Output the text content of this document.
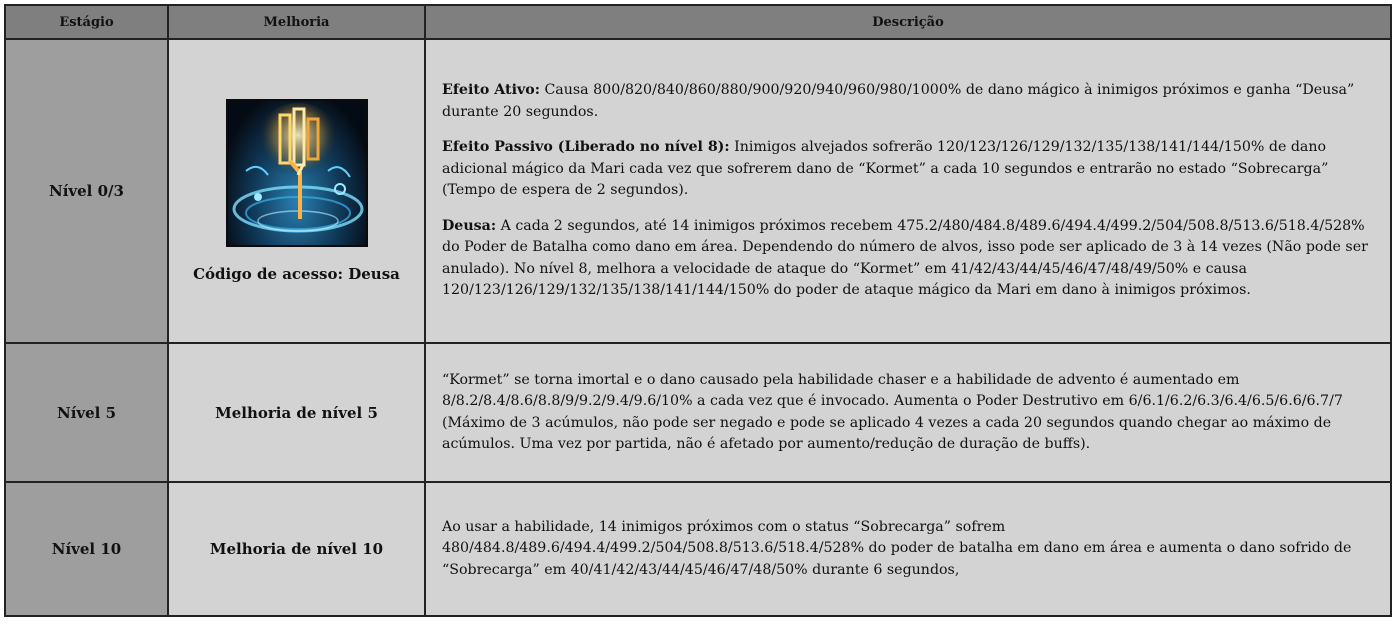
Estágio	Melhoria	Descrição
Nível 0/3	Código de acesso: Deusa	Efeito Ativo: Causa 800/820/840/860/880/900/920/940/960/980/1000% de dano mágico à inimigos próximos e ganha “Deusa” durante 20 segundos.

Efeito Passivo (Liberado no nível 8): Inimigos alvejados sofrerão 120/123/126/129/132/135/138/141/144/150% de dano adicional mágico da Mari cada vez que sofrerem dano de “Kormet” a cada 10 segundos e entrarão no estado “Sobrecarga” (Tempo de espera de 2 segundos).

Deusa: A cada 2 segundos, até 14 inimigos próximos recebem 475.2/480/484.8/489.6/494.4/499.2/504/508.8/513.6/518.4/528% do Poder de Batalha como dano em área. Dependendo do número de alvos, isso pode ser aplicado de 3 à 14 vezes (Não pode ser anulado). No nível 8, melhora a velocidade de ataque do “Kormet” em 41/42/43/44/45/46/47/48/49/50% e causa 120/123/126/129/132/135/138/141/144/150% do poder de ataque mágico da Mari em dano à inimigos próximos.

Nível 5	Melhoria de nível 5	“Kormet” se torna imortal e o dano causado pela habilidade chaser e a habilidade de advento é aumentado em 8/8.2/8.4/8.6/8.8/9/9.2/9.4/9.6/10% a cada vez que é invocado. Aumenta o Poder Destrutivo em 6/6.1/6.2/6.3/6.4/6.5/6.6/6.7/7 (Máximo de 3 acúmulos, não pode ser negado e pode se aplicado 4 vezes a cada 20 segundos quando chegar ao máximo de acúmulos. Uma vez por partida, não é afetado por aumento/redução de duração de buffs).

Nível 10	Melhoria de nível 10	Ao usar a habilidade, 14 inimigos próximos com o status “Sobrecarga” sofrem 480/484.8/489.6/494.4/499.2/504/508.8/513.6/518.4/528% do poder de batalha em dano em área e aumenta o dano sofrido de “Sobrecarga” em 40/41/42/43/44/45/46/47/48/50% durante 6 segundos,
